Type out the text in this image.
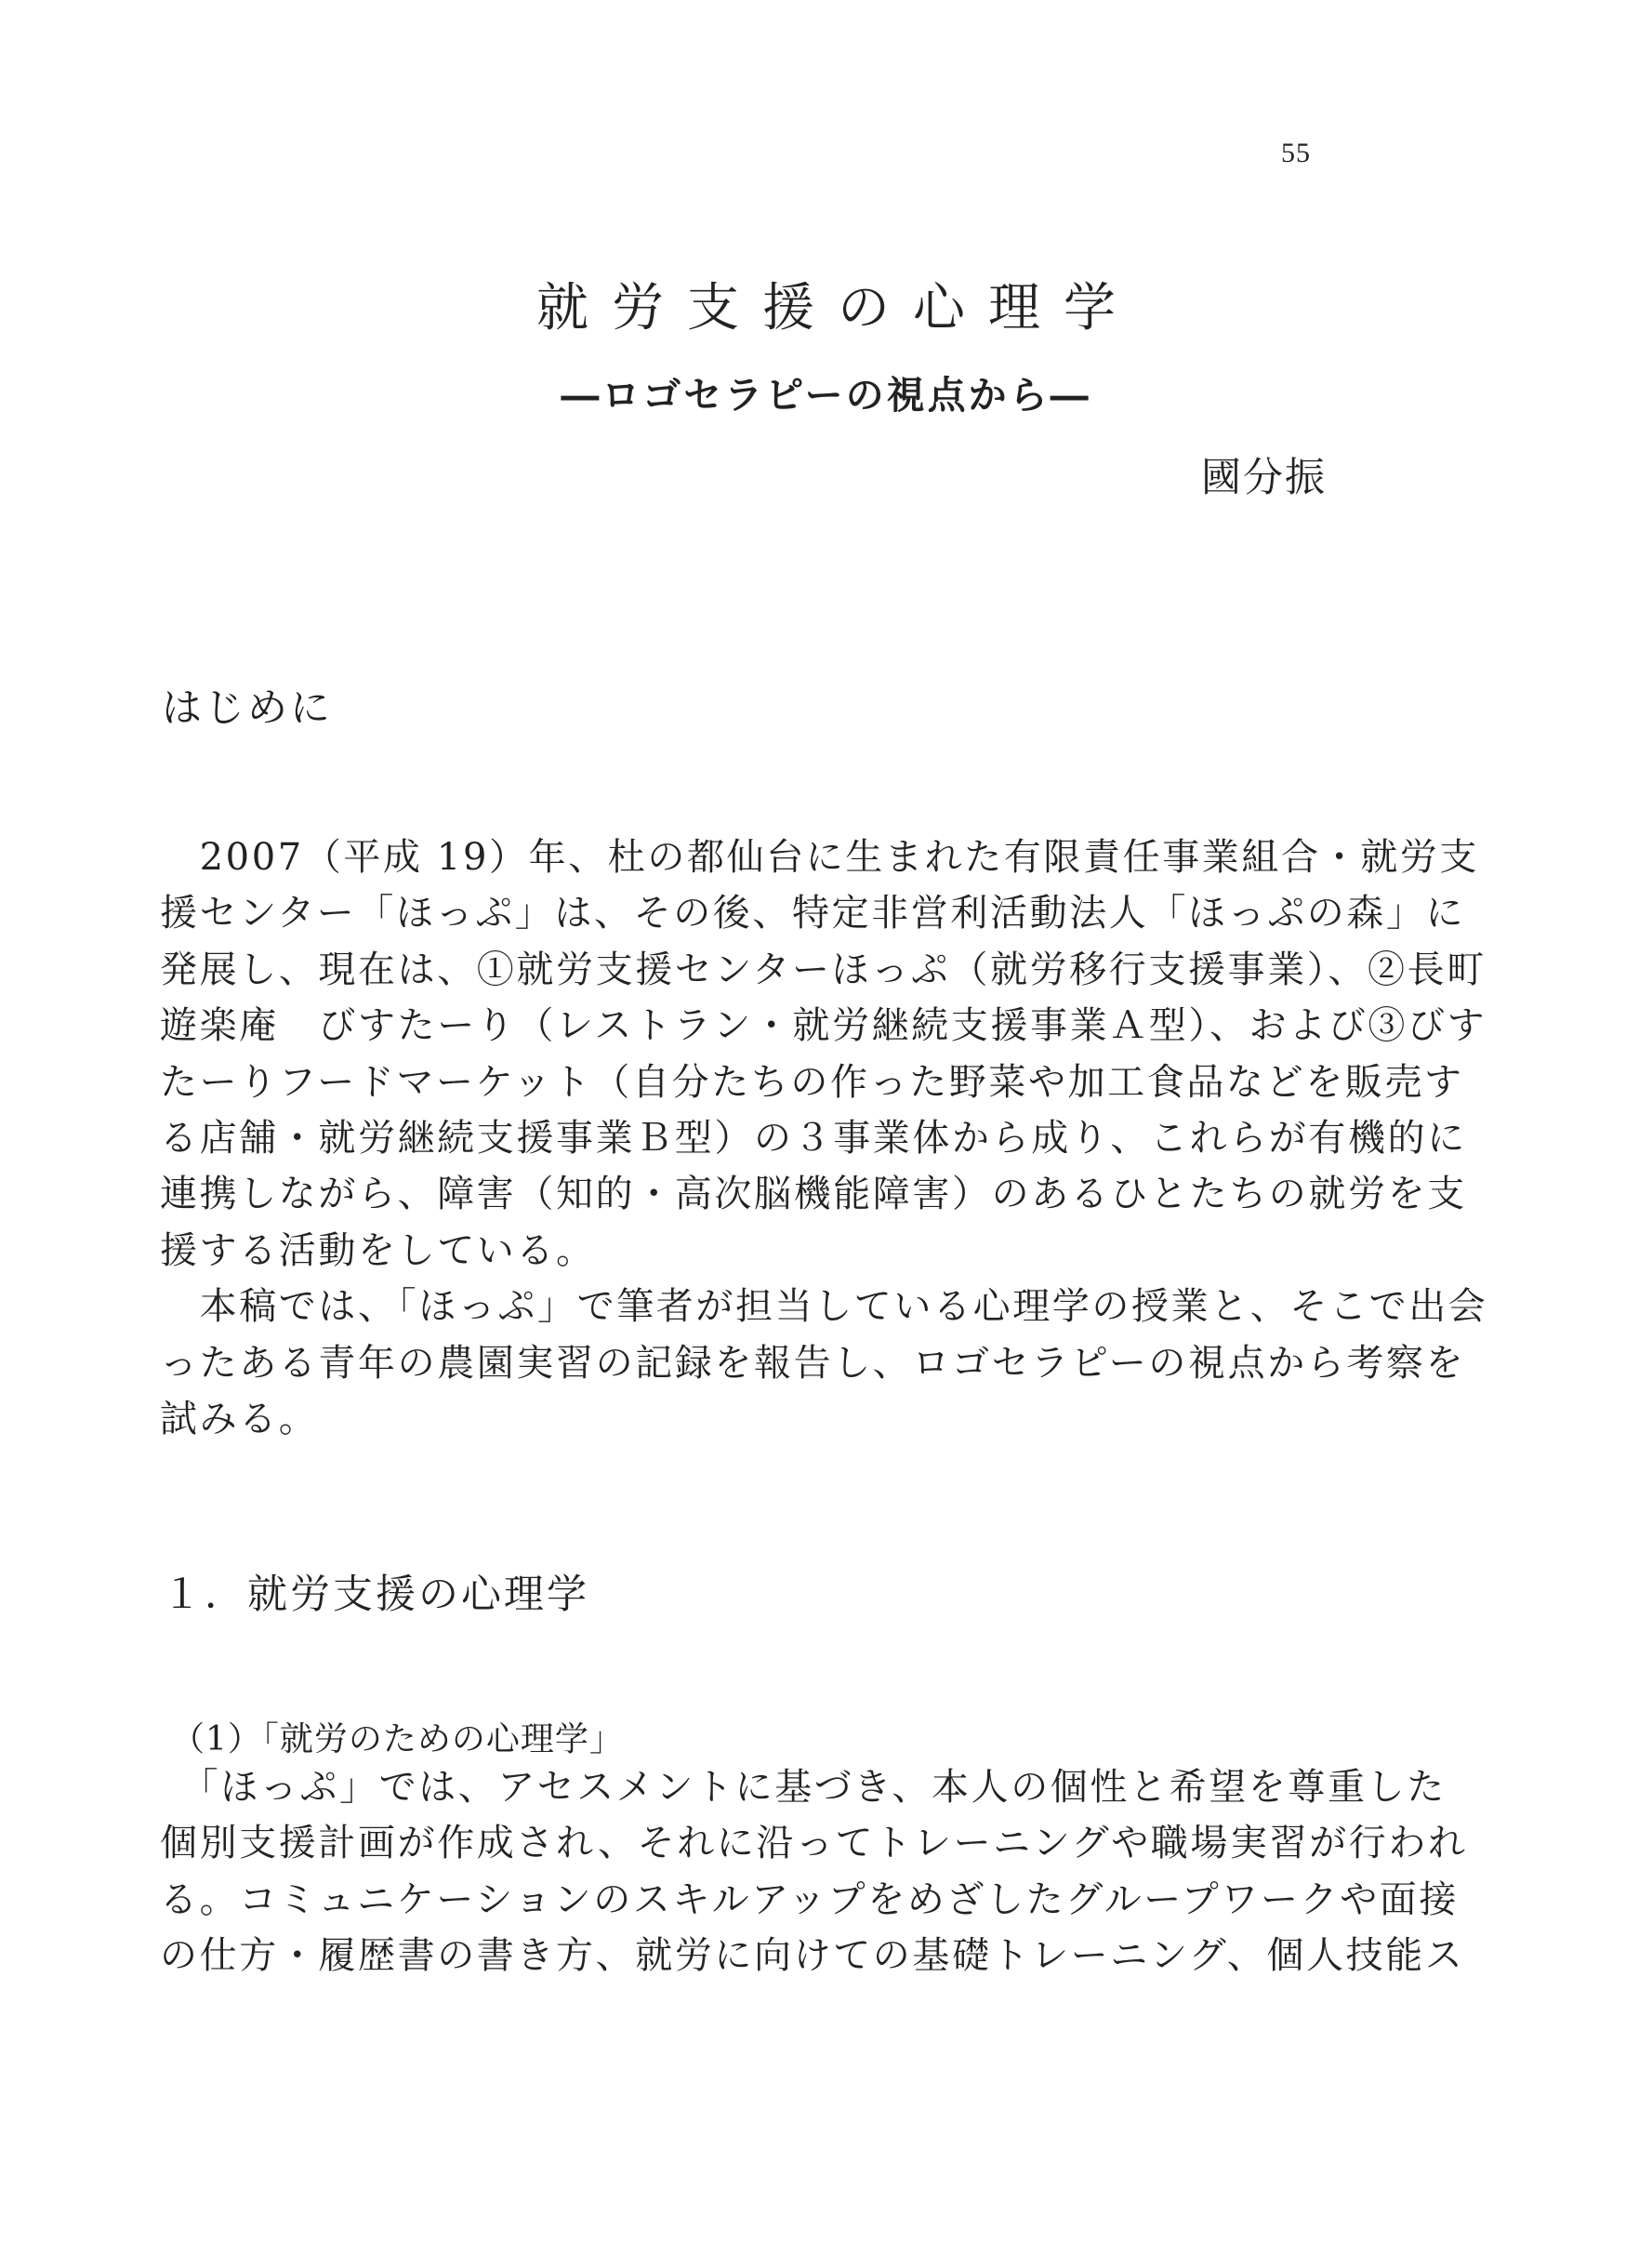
55
就労支援の心理学
―ロゴセラピーの視点から―
國分振
はじめに
　2007（平成 19）年、杜の都仙台に生まれた有限責任事業組合・就労支
援センター「ほっぷ」は、その後、特定非営利活動法人「ほっぷの森」に
発展し、現在は、①就労支援センターほっぷ（就労移行支援事業）、②長町
遊楽庵　びすたーり（レストラン・就労継続支援事業Ａ型）、および③びす
たーりフードマーケット（自分たちの作った野菜や加工食品などを販売す
る店舗・就労継続支援事業Ｂ型）の３事業体から成り、これらが有機的に
連携しながら、障害（知的・高次脳機能障害）のあるひとたちの就労を支
援する活動をしている。
　本稿では、「ほっぷ」で筆者が担当している心理学の授業と、そこで出会
ったある青年の農園実習の記録を報告し、ロゴセラピーの視点から考察を
試みる。
１．就労支援の心理学
（1）「就労のための心理学」
　「ほっぷ」では、アセスメントに基づき、本人の個性と希望を尊重した
個別支援計画が作成され、それに沿ってトレーニングや職場実習が行われ
る。コミュニケーションのスキルアップをめざしたグループワークや面接
の仕方・履歴書の書き方、就労に向けての基礎トレーニング、個人技能ス
